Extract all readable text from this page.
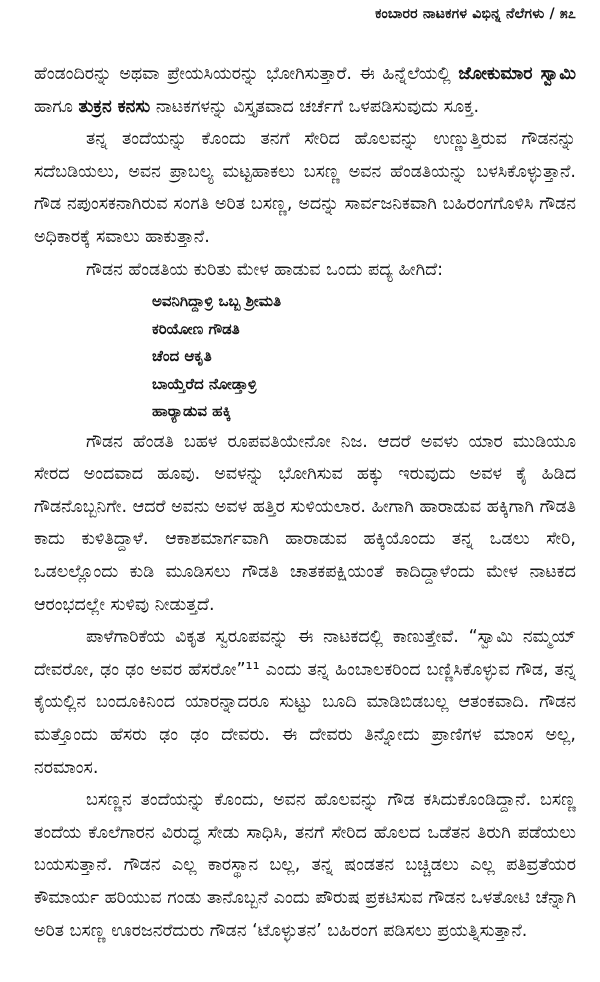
ಕಂಬಾರರ ನಾಟಕಗಳ ವಿಭಿನ್ನ ನೆಲೆಗಳು / ೫೭

ಹೆಂಡಂದಿರನ್ನು ಅಥವಾ ಪ್ರೇಯಸಿಯರನ್ನು ಭೋಗಿಸುತ್ತಾರೆ. ಈ ಹಿನ್ನೆಲೆಯಲ್ಲಿ ಜೋಕುಮಾರ ಸ್ವಾಮಿ ಹಾಗೂ ತುಕ್ರನ ಕನಸು ನಾಟಕಗಳನ್ನು ವಿಸ್ತೃತವಾದ ಚರ್ಚೆಗೆ ಒಳಪಡಿಸುವುದು ಸೂಕ್ತ.

ತನ್ನ ತಂದೆಯನ್ನು ಕೊಂದು ತನಗೆ ಸೇರಿದ ಹೊಲವನ್ನು ಉಣ್ಣುತ್ತಿರುವ ಗೌಡನನ್ನು ಸದೆಬಡಿಯಲು, ಅವನ ಪ್ರಾಬಲ್ಯ ಮಟ್ಟಹಾಕಲು ಬಸಣ್ಣ ಅವನ ಹೆಂಡತಿಯನ್ನು ಬಳಸಿಕೊಳ್ಳುತ್ತಾನೆ. ಗೌಡ ನಪುಂಸಕನಾಗಿರುವ ಸಂಗತಿ ಅರಿತ ಬಸಣ್ಣ, ಅದನ್ನು ಸಾರ್ವಜನಿಕವಾಗಿ ಬಹಿರಂಗಗೊಳಿಸಿ ಗೌಡನ ಅಧಿಕಾರಕ್ಕೆ ಸವಾಲು ಹಾಕುತ್ತಾನೆ.

ಗೌಡನ ಹೆಂಡತಿಯ ಕುರಿತು ಮೇಳ ಹಾಡುವ ಒಂದು ಪದ್ಯ ಹೀಗಿದೆ:

ಅವನಿಗಿದ್ದಾಳ್ರಿ ಒಬ್ಬ ಶ್ರೀಮತಿ
ಕರಿಯೋಣ ಗೌಡತಿ
ಚೆಂದ ಆಕೃತಿ
ಬಾಯ್ತೆರೆದ ನೋಡ್ತಾಳ್ರಿ
ಹಾರ್‍ಯಾಡುವ ಹಕ್ಕಿ

ಗೌಡನ ಹೆಂಡತಿ ಬಹಳ ರೂಪವತಿಯೇನೋ ನಿಜ. ಆದರೆ ಅವಳು ಯಾರ ಮುಡಿಯೂ ಸೇರದ ಅಂದವಾದ ಹೂವು. ಅವಳನ್ನು ಭೋಗಿಸುವ ಹಕ್ಕು ಇರುವುದು ಅವಳ ಕೈ ಹಿಡಿದ ಗೌಡನೊಬ್ಬನಿಗೇ. ಆದರೆ ಅವನು ಅವಳ ಹತ್ತಿರ ಸುಳಿಯಲಾರ. ಹೀಗಾಗಿ ಹಾರಾಡುವ ಹಕ್ಕಿಗಾಗಿ ಗೌಡತಿ ಕಾದು ಕುಳಿತಿದ್ದಾಳೆ. ಆಕಾಶಮಾರ್ಗವಾಗಿ ಹಾರಾಡುವ ಹಕ್ಕಿಯೊಂದು ತನ್ನ ಒಡಲು ಸೇರಿ, ಒಡಲಲ್ಲೊಂದು ಕುಡಿ ಮೂಡಿಸಲು ಗೌಡತಿ ಚಾತಕಪಕ್ಷಿಯಂತೆ ಕಾದಿದ್ದಾಳೆಂದು ಮೇಳ ನಾಟಕದ ಆರಂಭದಲ್ಲೇ ಸುಳಿವು ನೀಡುತ್ತದೆ.

ಪಾಳೆಗಾರಿಕೆಯ ವಿಕೃತ ಸ್ವರೂಪವನ್ನು ಈ ನಾಟಕದಲ್ಲಿ ಕಾಣುತ್ತೇವೆ. “ಸ್ವಾಮಿ ನಮ್ಮಯ್ ದೇವರೋ, ಢಂ ಢಂ ಅವರ ಹೆಸರೋ”¹¹ ಎಂದು ತನ್ನ ಹಿಂಬಾಲಕರಿಂದ ಬಣ್ಣಿಸಿಕೊಳ್ಳುವ ಗೌಡ, ತನ್ನ ಕೈಯಲ್ಲಿನ ಬಂದೂಕಿನಿಂದ ಯಾರನ್ನಾದರೂ ಸುಟ್ಟು ಬೂದಿ ಮಾಡಿಬಿಡಬಲ್ಲ ಆತಂಕವಾದಿ. ಗೌಡನ ಮತ್ತೊಂದು ಹೆಸರು ಢಂ ಢಂ ದೇವರು. ಈ ದೇವರು ತಿನ್ನೋದು ಪ್ರಾಣಿಗಳ ಮಾಂಸ ಅಲ್ಲ, ನರಮಾಂಸ.

ಬಸಣ್ಣನ ತಂದೆಯನ್ನು ಕೊಂದು, ಅವನ ಹೊಲವನ್ನು ಗೌಡ ಕಸಿದುಕೊಂಡಿದ್ದಾನೆ. ಬಸಣ್ಣ ತಂದೆಯ ಕೊಲೆಗಾರನ ವಿರುದ್ಧ ಸೇಡು ಸಾಧಿಸಿ, ತನಗೆ ಸೇರಿದ ಹೊಲದ ಒಡೆತನ ತಿರುಗಿ ಪಡೆಯಲು ಬಯಸುತ್ತಾನೆ. ಗೌಡನ ಎಲ್ಲ ಕಾರಸ್ಥಾನ ಬಲ್ಲ, ತನ್ನ ಷಂಡತನ ಬಚ್ಚಿಡಲು ಎಲ್ಲ ಪತಿವ್ರತೆಯರ ಕೌಮಾರ್ಯ ಹರಿಯುವ ಗಂಡು ತಾನೊಬ್ಬನೆ ಎಂದು ಪೌರುಷ ಪ್ರಕಟಿಸುವ ಗೌಡನ ಒಳತೋಟಿ ಚೆನ್ನಾಗಿ ಅರಿತ ಬಸಣ್ಣ ಊರಜನರೆದುರು ಗೌಡನ ‘ಟೊಳ್ಳುತನ’ ಬಹಿರಂಗ ಪಡಿಸಲು ಪ್ರಯತ್ನಿಸುತ್ತಾನೆ.
